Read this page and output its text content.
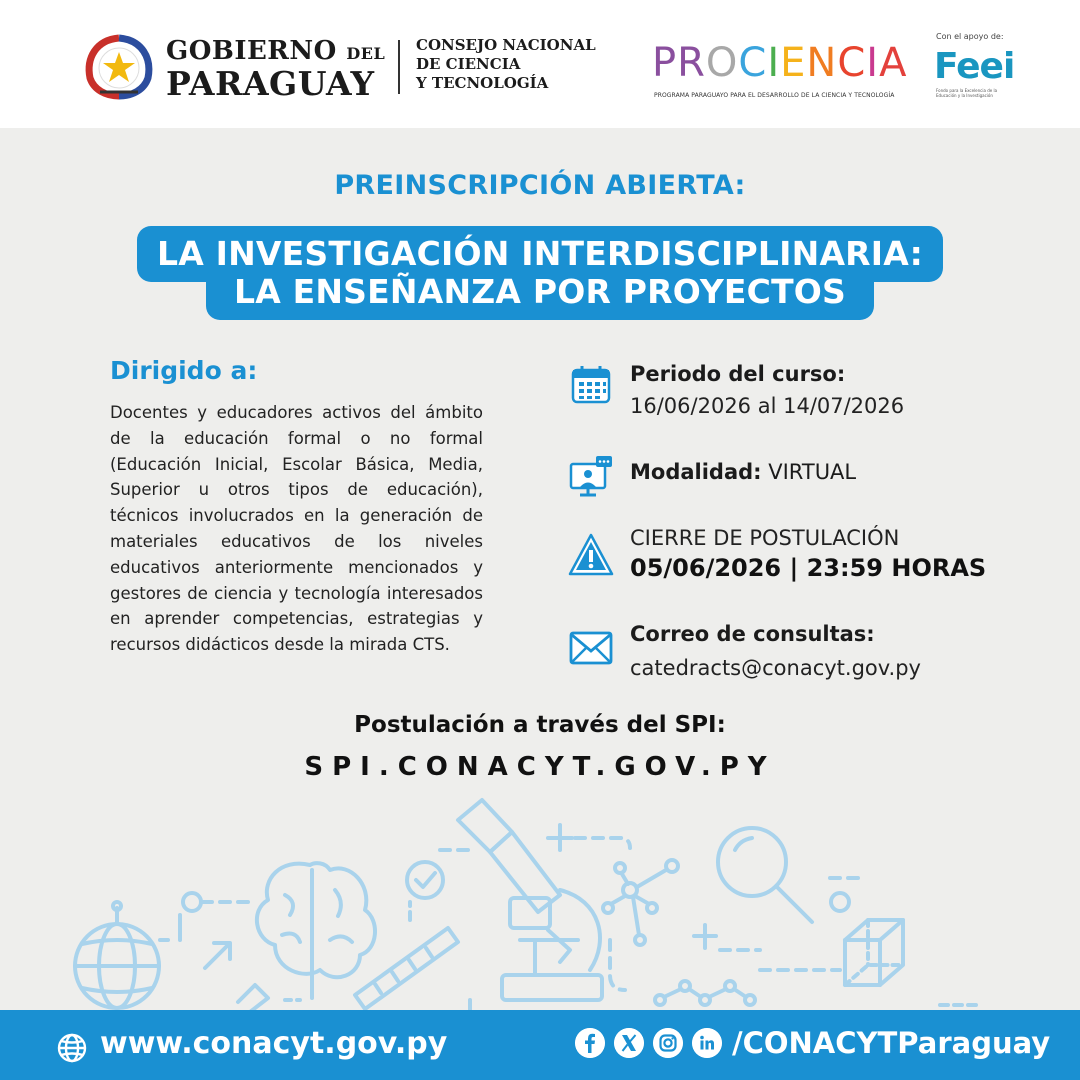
GOBIERNO DEL
PARAGUAY
CONSEJO NACIONAL
DE CIENCIA
Y TECNOLOGÍA	PROCIENCIA
PROGRAMA PARAGUAYO PARA EL DESARROLLO DE LA CIENCIA Y TECNOLOGÍA
Con el apoyo de:
Feei
Fondo para la Excelencia de la Educación y la Investigación
PREINSCRIPCIÓN ABIERTA:
LA INVESTIGACIÓN INTERDISCIPLINARIA:
LA ENSEÑANZA POR PROYECTOS
Dirigido a:
Docentes y educadores activos del ámbito de la educación formal o no formal (Educación Inicial, Escolar Básica, Media, Superior u otros tipos de educación), técnicos involucrados en la generación de materiales educativos de los niveles educativos anteriormente mencionados y gestores de ciencia y tecnología interesados en aprender competencias, estrategias y recursos didácticos desde la mirada CTS.
Periodo del curso:
16/06/2026 al 14/07/2026
Modalidad: VIRTUAL
CIERRE DE POSTULACIÓN
05/06/2026 | 23:59 HORAS
Correo de consultas:
catedracts@conacyt.gov.py
Postulación a través del SPI:
SPI.CONACYT.GOV.PY
www.conacyt.gov.py	/CONACYTParaguay
